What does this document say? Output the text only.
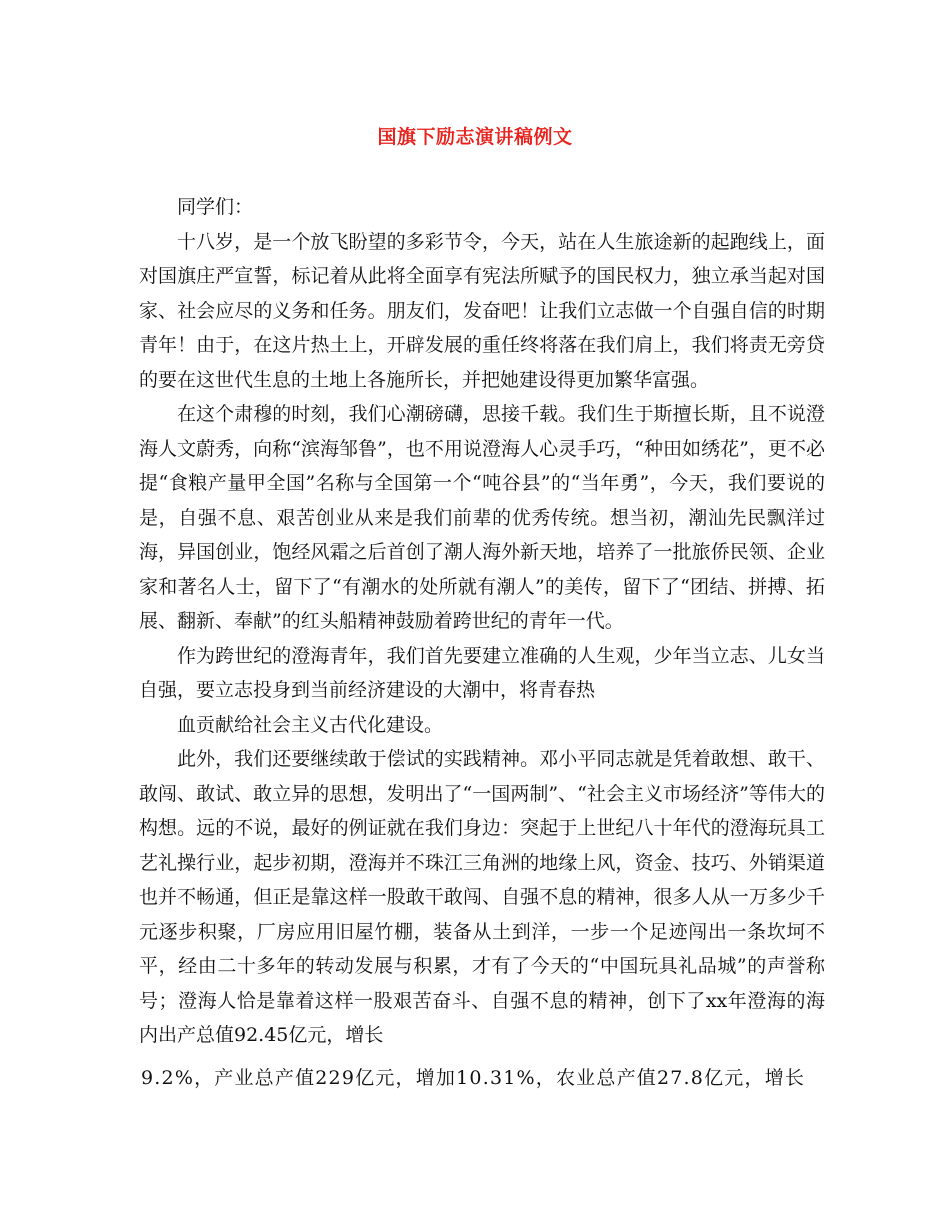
国旗下励志演讲稿例文

同学们：

十八岁，是一个放飞盼望的多彩节令，今天，站在人生旅途新的起跑线上，面对国旗庄严宣誓，标记着从此将全面享有宪法所赋予的国民权力，独立承当起对国家、社会应尽的义务和任务。朋友们，发奋吧！让我们立志做一个自强自信的时期青年！由于，在这片热土上，开辟发展的重任终将落在我们肩上，我们将责无旁贷的要在这世代生息的土地上各施所长，并把她建设得更加繁华富强。

在这个肃穆的时刻，我们心潮磅礴，思接千载。我们生于斯擅长斯，且不说澄海人文蔚秀，向称“滨海邹鲁”，也不用说澄海人心灵手巧，“种田如绣花”，更不必提“食粮产量甲全国”名称与全国第一个“吨谷县”的“当年勇”，今天，我们要说的是，自强不息、艰苦创业从来是我们前辈的优秀传统。想当初，潮汕先民飘洋过海，异国创业，饱经风霜之后首创了潮人海外新天地，培养了一批旅侨民领、企业家和著名人士，留下了“有潮水的处所就有潮人”的美传，留下了“团结、拼搏、拓展、翻新、奉献”的红头船精神鼓励着跨世纪的青年一代。

作为跨世纪的澄海青年，我们首先要建立准确的人生观，少年当立志、儿女当自强，要立志投身到当前经济建设的大潮中，将青春热

血贡献给社会主义古代化建设。

此外，我们还要继续敢于偿试的实践精神。邓小平同志就是凭着敢想、敢干、敢闯、敢试、敢立异的思想，发明出了“一国两制”、“社会主义市场经济”等伟大的构想。远的不说，最好的例证就在我们身边：突起于上世纪八十年代的澄海玩具工艺礼操行业，起步初期，澄海并不珠江三角洲的地缘上风，资金、技巧、外销渠道也并不畅通，但正是靠这样一股敢干敢闯、自强不息的精神，很多人从一万多少千元逐步积聚，厂房应用旧屋竹棚，装备从土到洋，一步一个足迹闯出一条坎坷不平，经由二十多年的转动发展与积累，才有了今天的“中国玩具礼品城”的声誉称号；澄海人恰是靠着这样一股艰苦奋斗、自强不息的精神，创下了xx年澄海的海内出产总值92.45亿元，增长

9.2%，产业总产值229亿元，增加10.31%，农业总产值27.8亿元，增长
